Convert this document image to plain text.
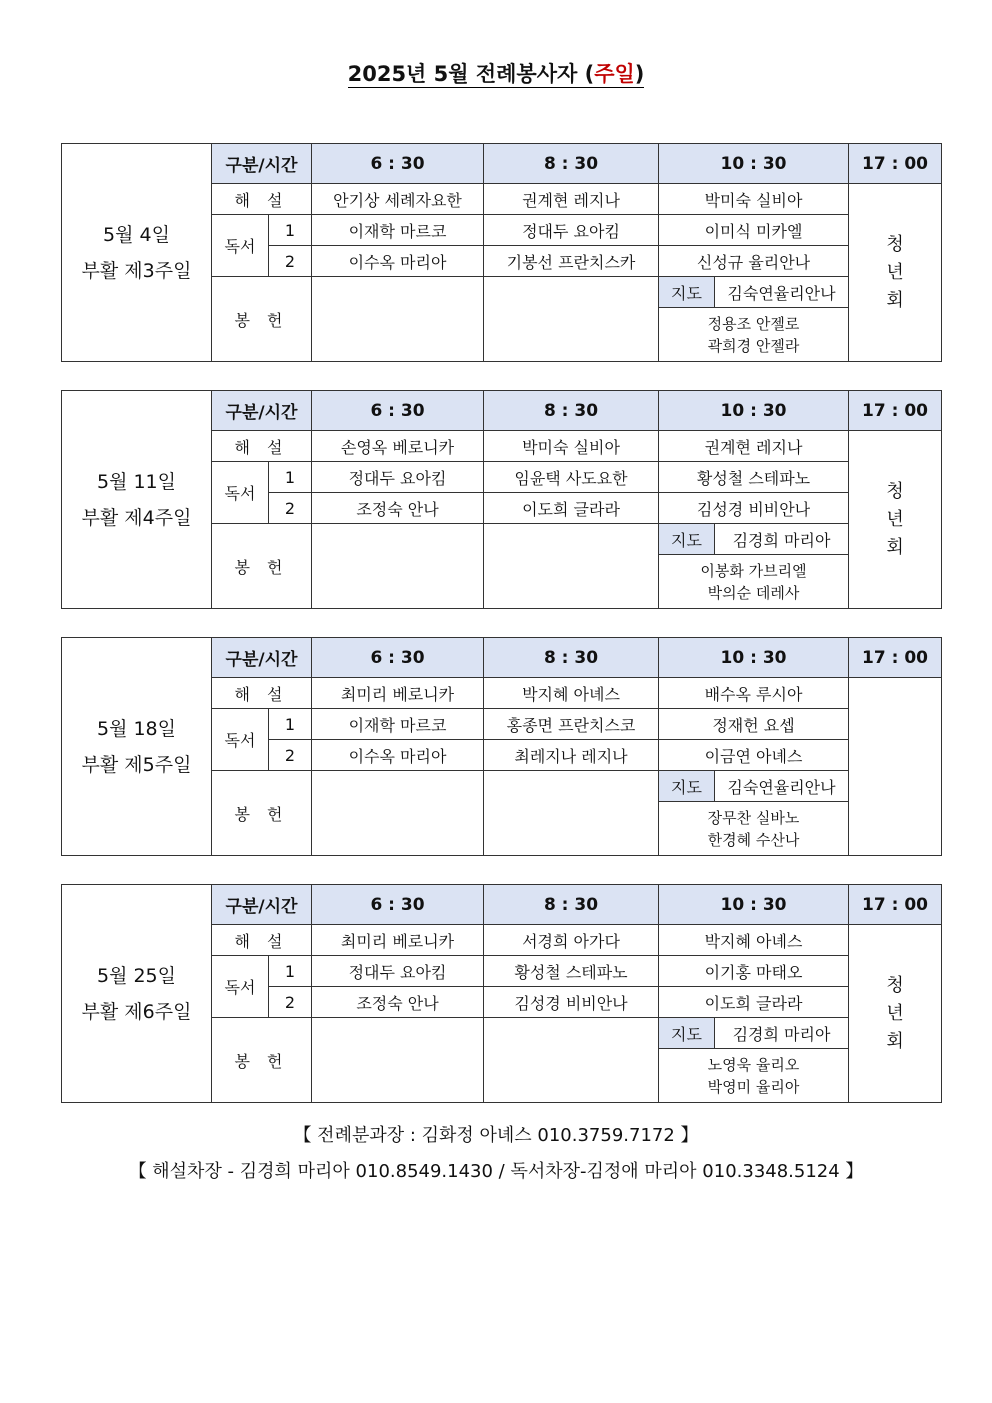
2025년 5월 전례봉사자 (주일)
5월 4일
부활 제3주일	구분/시간		6 : 30	8 : 30	10 : 30		17 : 00
	해 설		안기상 세례자요한	권계현 레지나	박미숙 실비아		청
년
회

	독서	1	이재학 마르코	정대두 요아킴	이미식 미카엘		
		2	이수옥 마리아	기봉선 프란치스카	신성규 율리안나		
	봉 헌				지도	김숙연율리안나	

					정용조 안젤로
곽희경 안젤라		
5월 11일
부활 제4주일	구분/시간		6 : 30	8 : 30	10 : 30		17 : 00
	해 설		손영옥 베로니카	박미숙 실비아	권계현 레지나		청
년
회

	독서	1	정대두 요아킴	임윤택 사도요한	황성철 스테파노		
		2	조정숙 안나	이도희 글라라	김성경 비비안나		
	봉 헌				지도	김경희 마리아	

					이봉화 가브리엘
박의순 데레사		
5월 18일
부활 제5주일	구분/시간		6 : 30	8 : 30	10 : 30		17 : 00
	해 설		최미리 베로니카	박지혜 아녜스	배수옥 루시아		

	독서	1	이재학 마르코	홍종면 프란치스코	정재헌 요셉		
		2	이수옥 마리아	최레지나 레지나	이금연 아녜스		
	봉 헌				지도	김숙연율리안나	

					장무찬 실바노
한경혜 수산나		
5월 25일
부활 제6주일	구분/시간		6 : 30	8 : 30	10 : 30		17 : 00
	해 설		최미리 베로니카	서경희 아가다	박지혜 아녜스		청
년
회

	독서	1	정대두 요아킴	황성철 스테파노	이기홍 마태오		
		2	조정숙 안나	김성경 비비안나	이도희 글라라		
	봉 헌				지도	김경희 마리아	

					노영욱 율리오
박영미 율리아		
【 전례분과장 : 김화정 아녜스 010.3759.7172 】
【 해설차장 - 김경희 마리아 010.8549.1430 / 독서차장-김정애 마리아 010.3348.5124 】
